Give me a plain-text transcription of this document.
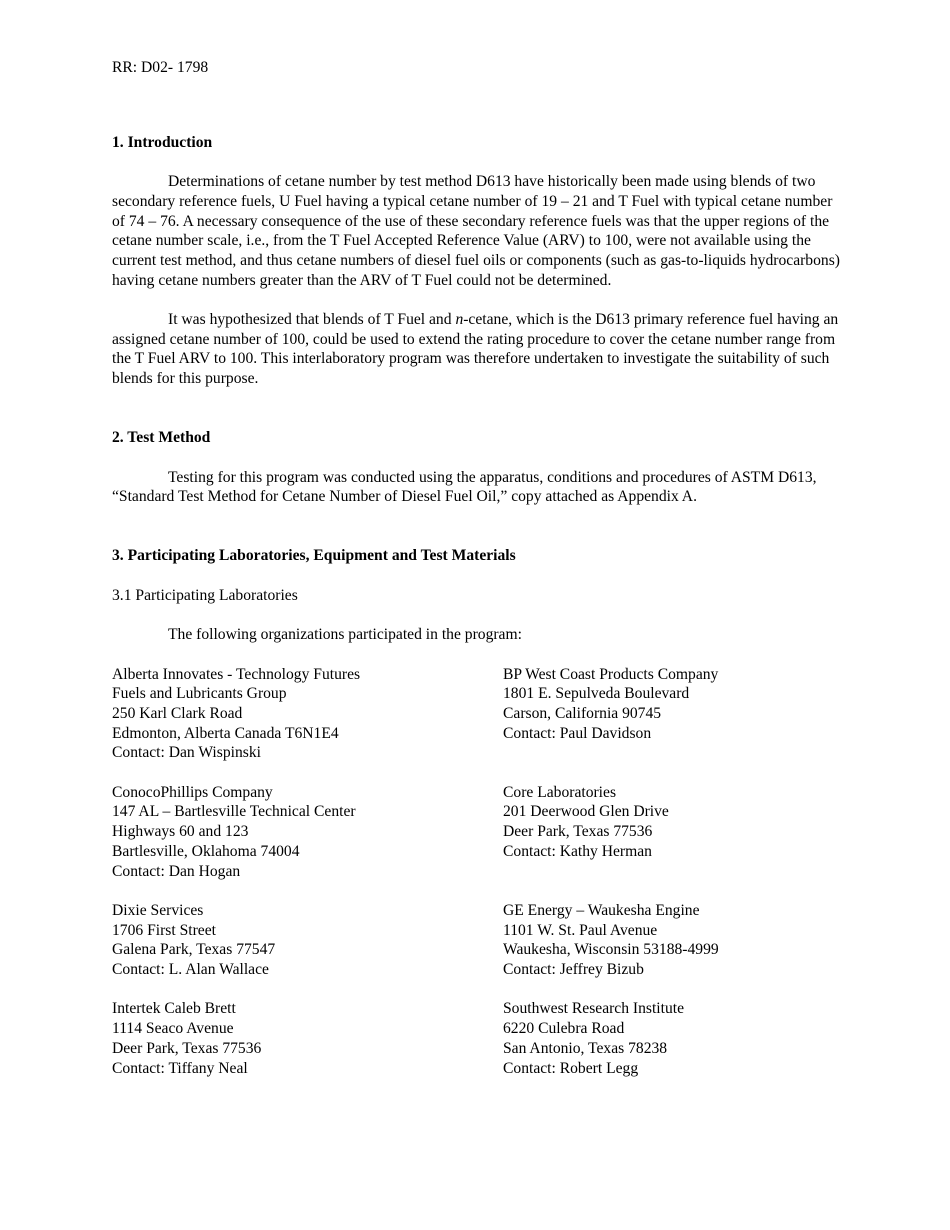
RR: D02- 1798

1. Introduction

Determinations of cetane number by test method D613 have historically been made using blends of two secondary reference fuels, U Fuel having a typical cetane number of 19 – 21 and T Fuel with typical cetane number of 74 – 76. A necessary consequence of the use of these secondary reference fuels was that the upper regions of the cetane number scale, i.e., from the T Fuel Accepted Reference Value (ARV) to 100, were not available using the current test method, and thus cetane numbers of diesel fuel oils or components (such as gas-to-liquids hydrocarbons) having cetane numbers greater than the ARV of T Fuel could not be determined.

It was hypothesized that blends of T Fuel and n-cetane, which is the D613 primary reference fuel having an assigned cetane number of 100, could be used to extend the rating procedure to cover the cetane number range from the T Fuel ARV to 100. This interlaboratory program was therefore undertaken to investigate the suitability of such blends for this purpose.

2. Test Method

Testing for this program was conducted using the apparatus, conditions and procedures of ASTM D613, “Standard Test Method for Cetane Number of Diesel Fuel Oil,” copy attached as Appendix A.

3. Participating Laboratories, Equipment and Test Materials

3.1 Participating Laboratories

The following organizations participated in the program:

Alberta Innovates - Technology Futures
Fuels and Lubricants Group
250 Karl Clark Road
Edmonton, Alberta Canada T6N1E4
Contact: Dan Wispinski
BP West Coast Products Company
1801 E. Sepulveda Boulevard
Carson, California 90745
Contact: Paul Davidson
ConocoPhillips Company
147 AL – Bartlesville Technical Center
Highways 60 and 123
Bartlesville, Oklahoma 74004
Contact: Dan Hogan
Core Laboratories
201 Deerwood Glen Drive
Deer Park, Texas 77536
Contact: Kathy Herman
Dixie Services
1706 First Street
Galena Park, Texas 77547
Contact: L. Alan Wallace
GE Energy – Waukesha Engine
1101 W. St. Paul Avenue
Waukesha, Wisconsin 53188-4999
Contact: Jeffrey Bizub
Intertek Caleb Brett
1114 Seaco Avenue
Deer Park, Texas 77536
Contact: Tiffany Neal
Southwest Research Institute
6220 Culebra Road
San Antonio, Texas 78238
Contact: Robert Legg
